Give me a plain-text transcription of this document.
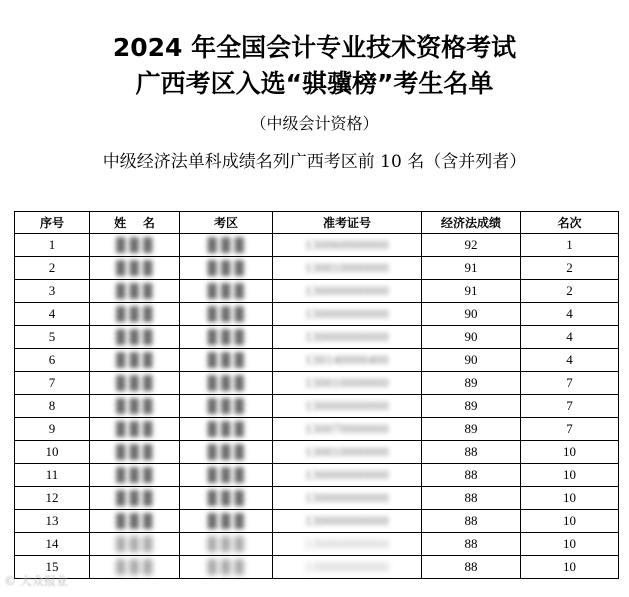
2024 年全国会计专业技术资格考试
广西考区入选“骐骥榜”考生名单
（中级会计资格）
中级经济法单科成绩名列广西考区前 10 名（含并列者）
序号	姓    名	考区	准考证号	经济法成绩	名次
1	█ █ █	█ █ █	130060000000	92	1
2	█ █ █	█ █ █	130010000000	91	2
3	█ █ █	█ █ █	130000000000	91	2
4	█ █ █	█ █ █	130000000000	90	4
5	█ █ █	█ █ █	130000000000	90	4
6	█ █ █	█ █ █	130140000400	90	4
7	█ █ █	█ █ █	130010000000	89	7
8	█ █ █	█ █ █	130000000000	89	7
9	█ █ █	█ █ █	130070000000	89	7
10	█ █ █	█ █ █	130010000000	88	10
11	█ █ █	█ █ █	130000000000	88	10
12	█ █ █	█ █ █	130000000000	88	10
13	█ █ █	█ █ █	130000000000	88	10
14	█ █ █	█ █ █	130000000000	88	10
15	█ █ █	█ █ █	130000000000	88	10
© 大众报业
